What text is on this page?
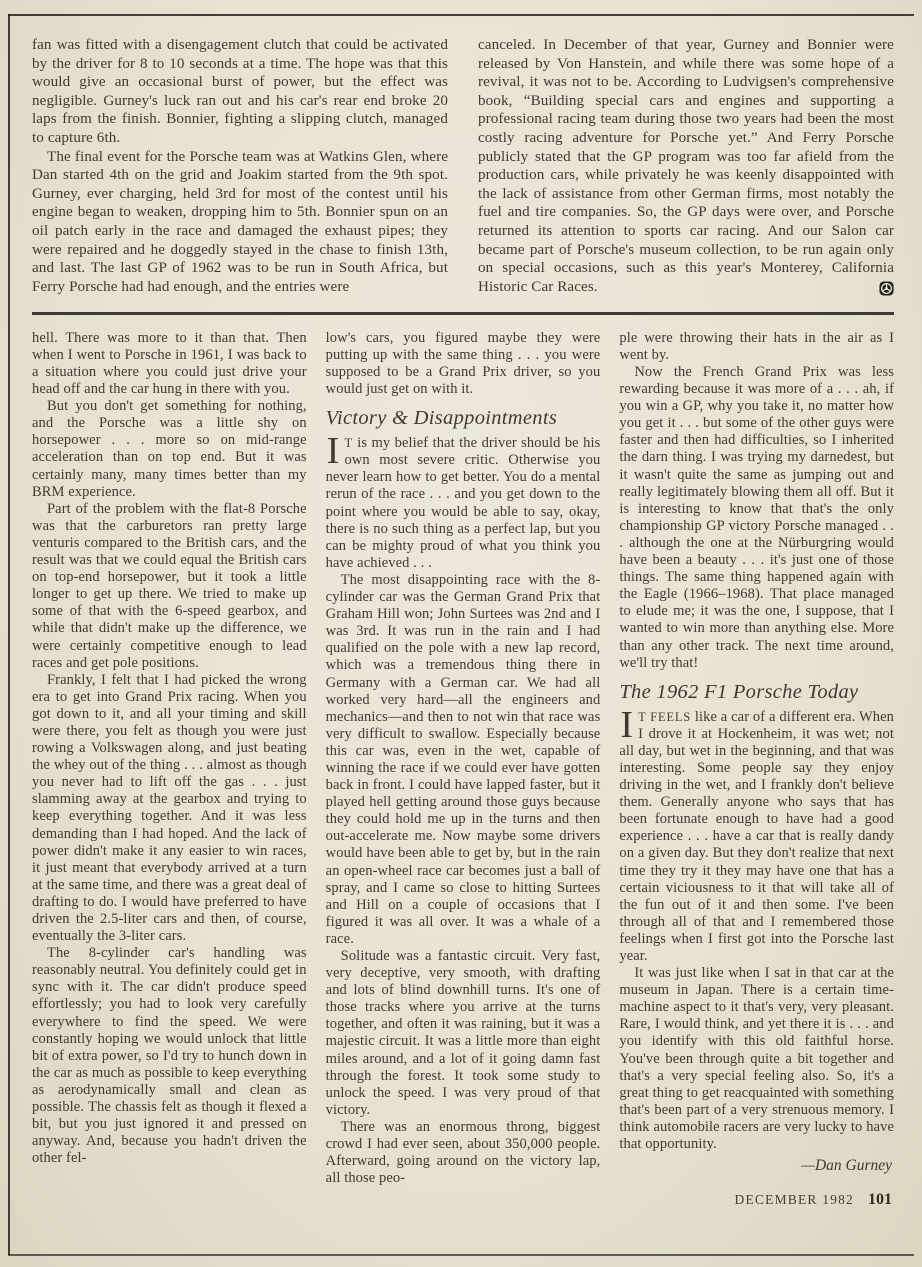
fan was fitted with a disengagement clutch that could be activated by the driver for 8 to 10 seconds at a time. The hope was that this would give an occasional burst of power, but the effect was negligible. Gurney's luck ran out and his car's rear end broke 20 laps from the finish. Bonnier, fighting a slipping clutch, managed to capture 6th.

The final event for the Porsche team was at Watkins Glen, where Dan started 4th on the grid and Joakim started from the 9th spot. Gurney, ever charging, held 3rd for most of the contest until his engine began to weaken, dropping him to 5th. Bonnier spun on an oil patch early in the race and damaged the exhaust pipes; they were repaired and he doggedly stayed in the chase to finish 13th, and last. The last GP of 1962 was to be run in South Africa, but Ferry Porsche had had enough, and the entries were

canceled. In December of that year, Gurney and Bonnier were released by Von Hanstein, and while there was some hope of a revival, it was not to be. According to Ludvigsen's comprehensive book, “Building special cars and engines and supporting a professional racing team during those two years had been the most costly racing adventure for Porsche yet.” And Ferry Porsche publicly stated that the GP program was too far afield from the production cars, while privately he was keenly disappointed with the lack of assistance from other German firms, most notably the fuel and tire companies. So, the GP days were over, and Porsche returned its attention to sports car racing. And our Salon car became part of Porsche's museum collection, to be run again only on special occasions, such as this year's Monterey, California Historic Car Races.

hell. There was more to it than that. Then when I went to Porsche in 1961, I was back to a situation where you could just drive your head off and the car hung in there with you.

But you don't get something for nothing, and the Porsche was a little shy on horsepower . . . more so on mid-range acceleration than on top end. But it was certainly many, many times better than my BRM experience.

Part of the problem with the flat-8 Porsche was that the carburetors ran pretty large venturis compared to the British cars, and the result was that we could equal the British cars on top-end horsepower, but it took a little longer to get up there. We tried to make up some of that with the 6-speed gearbox, and while that didn't make up the difference, we were certainly competitive enough to lead races and get pole positions.

Frankly, I felt that I had picked the wrong era to get into Grand Prix racing. When you got down to it, and all your timing and skill were there, you felt as though you were just rowing a Volkswagen along, and just beating the whey out of the thing . . . almost as though you never had to lift off the gas . . . just slamming away at the gearbox and trying to keep everything together. And it was less demanding than I had hoped. And the lack of power didn't make it any easier to win races, it just meant that everybody arrived at a turn at the same time, and there was a great deal of drafting to do. I would have preferred to have driven the 2.5-liter cars and then, of course, eventually the 3-liter cars.

The 8-cylinder car's handling was reasonably neutral. You definitely could get in sync with it. The car didn't produce speed effortlessly; you had to look very carefully everywhere to find the speed. We were constantly hoping we would unlock that little bit of extra power, so I'd try to hunch down in the car as much as possible to keep everything as aerodynamically small and clean as possible. The chassis felt as though it flexed a bit, but you just ignored it and pressed on anyway. And, because you hadn't driven the other fel-

low's cars, you figured maybe they were putting up with the same thing . . . you were supposed to be a Grand Prix driver, so you would just get on with it.

Victory & Disappointments

I T is my belief that the driver should be his own most severe critic. Otherwise you never learn how to get better. You do a mental rerun of the race . . . and you get down to the point where you would be able to say, okay, there is no such thing as a perfect lap, but you can be mighty proud of what you think you have achieved . . .

The most disappointing race with the 8-cylinder car was the German Grand Prix that Graham Hill won; John Surtees was 2nd and I was 3rd. It was run in the rain and I had qualified on the pole with a new lap record, which was a tremendous thing there in Germany with a German car. We had all worked very hard—all the engineers and mechanics—and then to not win that race was very difficult to swallow. Especially because this car was, even in the wet, capable of winning the race if we could ever have gotten back in front. I could have lapped faster, but it played hell getting around those guys because they could hold me up in the turns and then out-accelerate me. Now maybe some drivers would have been able to get by, but in the rain an open-wheel race car becomes just a ball of spray, and I came so close to hitting Surtees and Hill on a couple of occasions that I figured it was all over. It was a whale of a race.

Solitude was a fantastic circuit. Very fast, very deceptive, very smooth, with drafting and lots of blind downhill turns. It's one of those tracks where you arrive at the turns together, and often it was raining, but it was a majestic circuit. It was a little more than eight miles around, and a lot of it going damn fast through the forest. It took some study to unlock the speed. I was very proud of that victory.

There was an enormous throng, biggest crowd I had ever seen, about 350,000 people. Afterward, going around on the victory lap, all those peo-

ple were throwing their hats in the air as I went by.

Now the French Grand Prix was less rewarding because it was more of a . . . ah, if you win a GP, why you take it, no matter how you get it . . . but some of the other guys were faster and then had difficulties, so I inherited the darn thing. I was trying my darnedest, but it wasn't quite the same as jumping out and really legitimately blowing them all off. But it is interesting to know that that's the only championship GP victory Porsche managed . . . although the one at the Nürburgring would have been a beauty . . . it's just one of those things. The same thing happened again with the Eagle (1966–1968). That place managed to elude me; it was the one, I suppose, that I wanted to win more than anything else. More than any other track. The next time around, we'll try that!

The 1962 F1 Porsche Today

I T FEELS like a car of a different era. When I drove it at Hockenheim, it was wet; not all day, but wet in the beginning, and that was interesting. Some people say they enjoy driving in the wet, and I frankly don't believe them. Generally anyone who says that has been fortunate enough to have had a good experience . . . have a car that is really dandy on a given day. But they don't realize that next time they try it they may have one that has a certain viciousness to it that will take all of the fun out of it and then some. I've been through all of that and I remembered those feelings when I first got into the Porsche last year.

It was just like when I sat in that car at the museum in Japan. There is a certain time-machine aspect to it that's very, very pleasant. Rare, I would think, and yet there it is . . . and you identify with this old faithful horse. You've been through quite a bit together and that's a very special feeling also. So, it's a great thing to get reacquainted with something that's been part of a very strenuous memory. I think automobile racers are very lucky to have that opportunity.

—Dan Gurney
DECEMBER 1982 101
